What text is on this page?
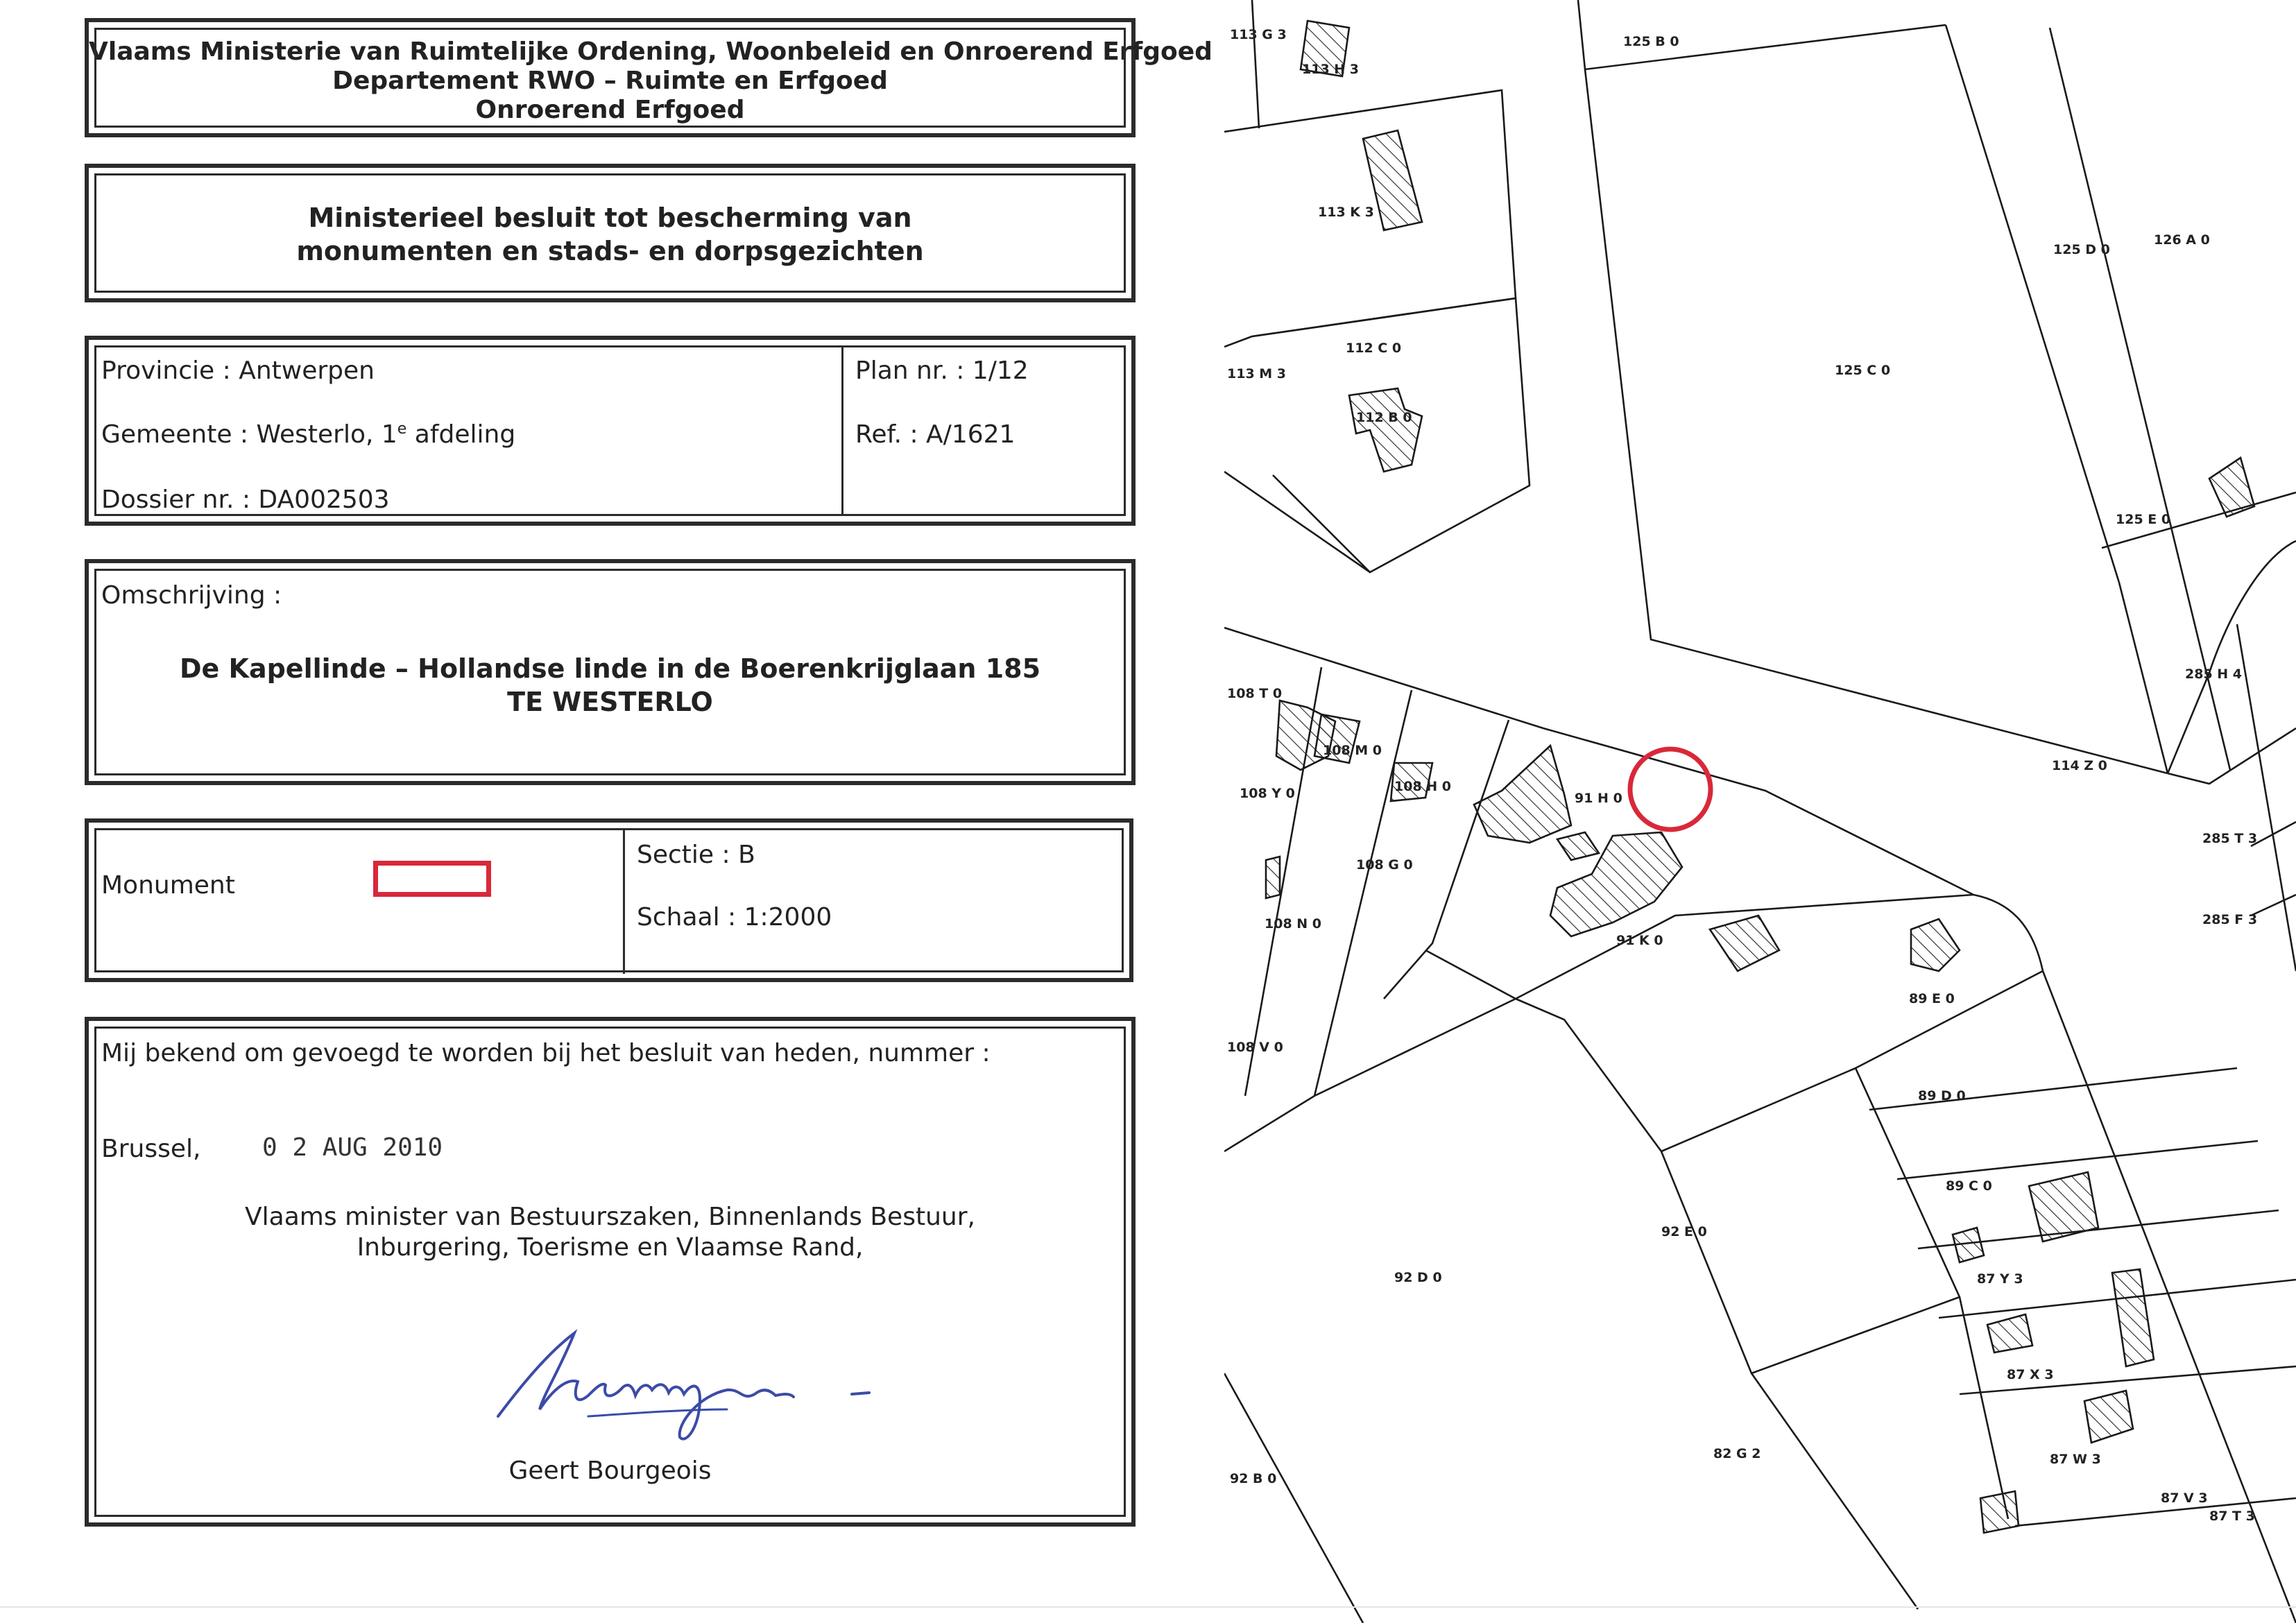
Vlaams Ministerie van Ruimtelijke Ordening, Woonbeleid en Onroerend Erfgoed
Departement RWO – Ruimte en Erfgoed
Onroerend Erfgoed
Ministerieel besluit tot bescherming van
monumenten en stads- en dorpsgezichten
Provincie : Antwerpen
Gemeente : Westerlo, 1e afdeling
Dossier nr. : DA002503
Plan nr. : 1/12
Ref. : A/1621
Omschrijving :
De Kapellinde – Hollandse linde in de Boerenkrijglaan 185
TE WESTERLO
Monument
Sectie : B
Schaal : 1:2000
Mij bekend om gevoegd te worden bij het besluit van heden, nummer :
Brussel, 0 2 AUG 2010
Vlaams minister van Bestuurszaken, Binnenlands Bestuur,
Inburgering, Toerisme en Vlaamse Rand,
Geert Bourgeois
113 G 3
113 H 3
125 B 0
113 K 3
125 D 0
126 A 0
112 C 0
113 M 3	125 C 0
112 B 0
125 E 0
285 H 4
108 T 0
108 M 0
108 H 0
108 Y 0	91 H 0
114 Z 0
108 G 0
285 T 3
91 K 0
108 N 0	285 F 3
89 E 0
108 V 0
89 D 0
89 C 0
92 E 0
87 Y 3
92 D 0
87 X 3
82 G 2	87 W 3
92 B 0
87 V 3
87 T 3
